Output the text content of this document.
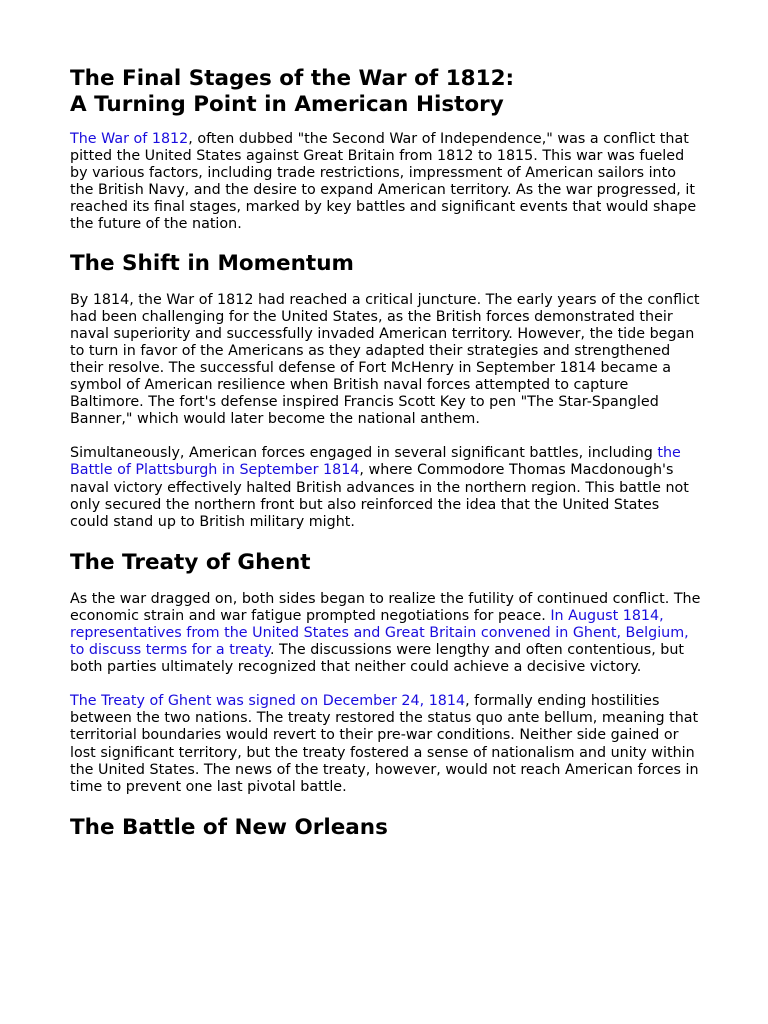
The Final Stages of the War of 1812:
A Turning Point in American History

The War of 1812, often dubbed "the Second War of Independence," was a conflict that pitted the United States against Great Britain from 1812 to 1815. This war was fueled by various factors, including trade restrictions, impressment of American sailors into the British Navy, and the desire to expand American territory. As the war progressed, it reached its final stages, marked by key battles and significant events that would shape the future of the nation.

The Shift in Momentum

By 1814, the War of 1812 had reached a critical juncture. The early years of the conflict had been challenging for the United States, as the British forces demonstrated their naval superiority and successfully invaded American territory. However, the tide began to turn in favor of the Americans as they adapted their strategies and strengthened their resolve. The successful defense of Fort McHenry in September 1814 became a symbol of American resilience when British naval forces attempted to capture Baltimore. The fort's defense inspired Francis Scott Key to pen "The Star-Spangled Banner," which would later become the national anthem.

Simultaneously, American forces engaged in several significant battles, including the Battle of Plattsburgh in September 1814, where Commodore Thomas Macdonough's naval victory effectively halted British advances in the northern region. This battle not only secured the northern front but also reinforced the idea that the United States could stand up to British military might.

The Treaty of Ghent

As the war dragged on, both sides began to realize the futility of continued conflict. The economic strain and war fatigue prompted negotiations for peace. In August 1814, representatives from the United States and Great Britain convened in Ghent, Belgium, to discuss terms for a treaty. The discussions were lengthy and often contentious, but both parties ultimately recognized that neither could achieve a decisive victory.

The Treaty of Ghent was signed on December 24, 1814, formally ending hostilities between the two nations. The treaty restored the status quo ante bellum, meaning that territorial boundaries would revert to their pre-war conditions. Neither side gained or lost significant territory, but the treaty fostered a sense of nationalism and unity within the United States. The news of the treaty, however, would not reach American forces in time to prevent one last pivotal battle.

The Battle of New Orleans
